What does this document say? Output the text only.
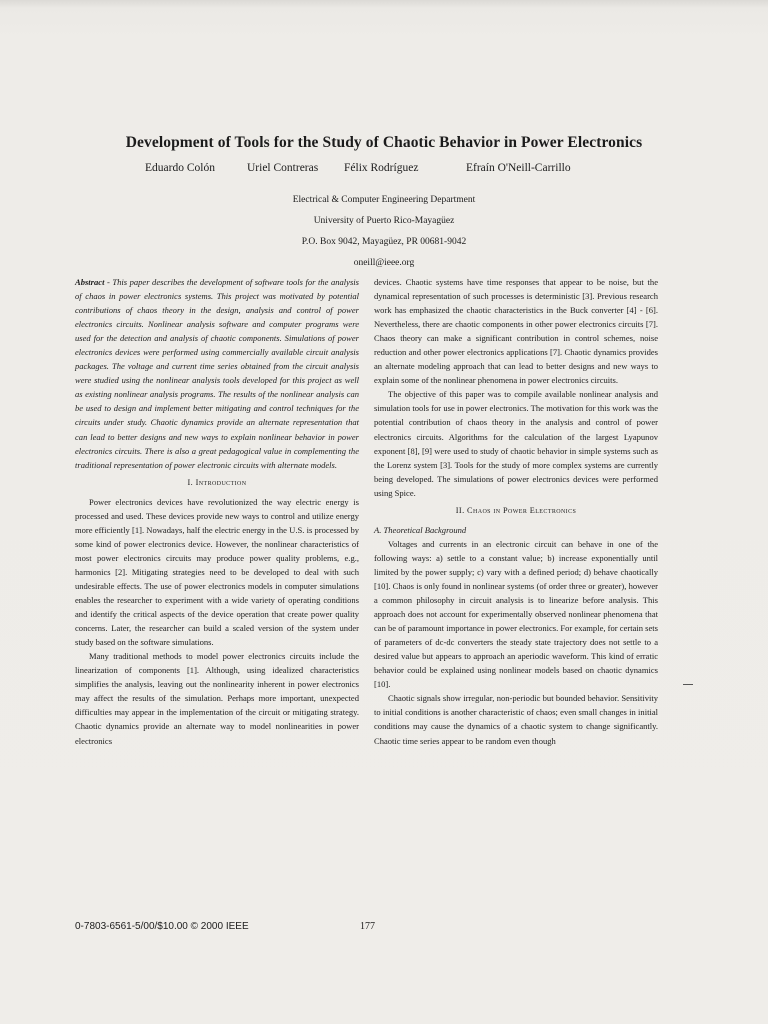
Development of Tools for the Study of Chaotic Behavior in Power Electronics
Eduardo Colón	Uriel Contreras Félix Rodríguez	Efraín O'Neill-Carrillo
Electrical & Computer Engineering Department
University of Puerto Rico-Mayagüez
P.O. Box 9042, Mayagüez, PR 00681-9042
oneill@ieee.org

Abstract - This paper describes the development of software tools for the analysis of chaos in power electronics systems. This project was motivated by potential contributions of chaos theory in the design, analysis and control of power electronics circuits. Nonlinear analysis software and computer programs were used for the detection and analysis of chaotic components. Simulations of power electronics devices were performed using commercially available circuit analysis packages. The voltage and current time series obtained from the circuit analysis were studied using the nonlinear analysis tools developed for this project as well as existing nonlinear analysis programs. The results of the nonlinear analysis can be used to design and implement better mitigating and control techniques for the circuits under study. Chaotic dynamics provide an alternate representation that can lead to better designs and new ways to explain nonlinear behavior in power electronics circuits. There is also a great pedagogical value in complementing the traditional representation of power electronic circuits with alternate models.

I. Introduction

Power electronics devices have revolutionized the way electric energy is processed and used. These devices provide new ways to control and utilize energy more efficiently [1]. Nowadays, half the electric energy in the U.S. is processed by some kind of power electronics device. However, the nonlinear characteristics of most power electronics circuits may produce power quality problems, e.g., harmonics [2]. Mitigating strategies need to be developed to deal with such undesirable effects. The use of power electronics models in computer simulations enables the researcher to experiment with a wide variety of operating conditions and identify the critical aspects of the device operation that create power quality concerns. Later, the researcher can build a scaled version of the system under study based on the software simulations.

Many traditional methods to model power electronics circuits include the linearization of components [1]. Although, using idealized characteristics simplifies the analysis, leaving out the nonlinearity inherent in power electronics may affect the results of the simulation. Perhaps more important, unexpected difficulties may appear in the implementation of the circuit or mitigating strategy. Chaotic dynamics provide an alternate way to model nonlinearities in power electronics

devices. Chaotic systems have time responses that appear to be noise, but the dynamical representation of such processes is deterministic [3]. Previous research work has emphasized the chaotic characteristics in the Buck converter [4] - [6]. Nevertheless, there are chaotic components in other power electronics circuits [7]. Chaos theory can make a significant contribution in control schemes, noise reduction and other power electronics applications [7]. Chaotic dynamics provides an alternate modeling approach that can lead to better designs and new ways to explain some of the nonlinear phenomena in power electronics circuits.

The objective of this paper was to compile available nonlinear analysis and simulation tools for use in power electronics. The motivation for this work was the potential contribution of chaos theory in the analysis and control of power electronics circuits. Algorithms for the calculation of the largest Lyapunov exponent [8], [9] were used to study of chaotic behavior in simple systems such as the Lorenz system [3]. Tools for the study of more complex systems are currently being developed. The simulations of power electronics devices were performed using Spice.

II. Chaos in Power Electronics

A. Theoretical Background

Voltages and currents in an electronic circuit can behave in one of the following ways: a) settle to a constant value; b) increase exponentially until limited by the power supply; c) vary with a defined period; d) behave chaotically [10]. Chaos is only found in nonlinear systems (of order three or greater), however a common philosophy in circuit analysis is to linearize before analysis. This approach does not account for experimentally observed nonlinear phenomena that can be of paramount importance in power electronics. For example, for certain sets of parameters of dc-dc converters the steady state trajectory does not settle to a desired value but appears to approach an aperiodic waveform. This kind of erratic behavior could be explained using nonlinear models based on chaotic dynamics [10].

Chaotic signals show irregular, non-periodic but bounded behavior. Sensitivity to initial conditions is another characteristic of chaos; even small changes in initial conditions may cause the dynamics of a chaotic system to change significantly. Chaotic time series appear to be random even though

0-7803-6561-5/00/$10.00 © 2000 IEEE	177
